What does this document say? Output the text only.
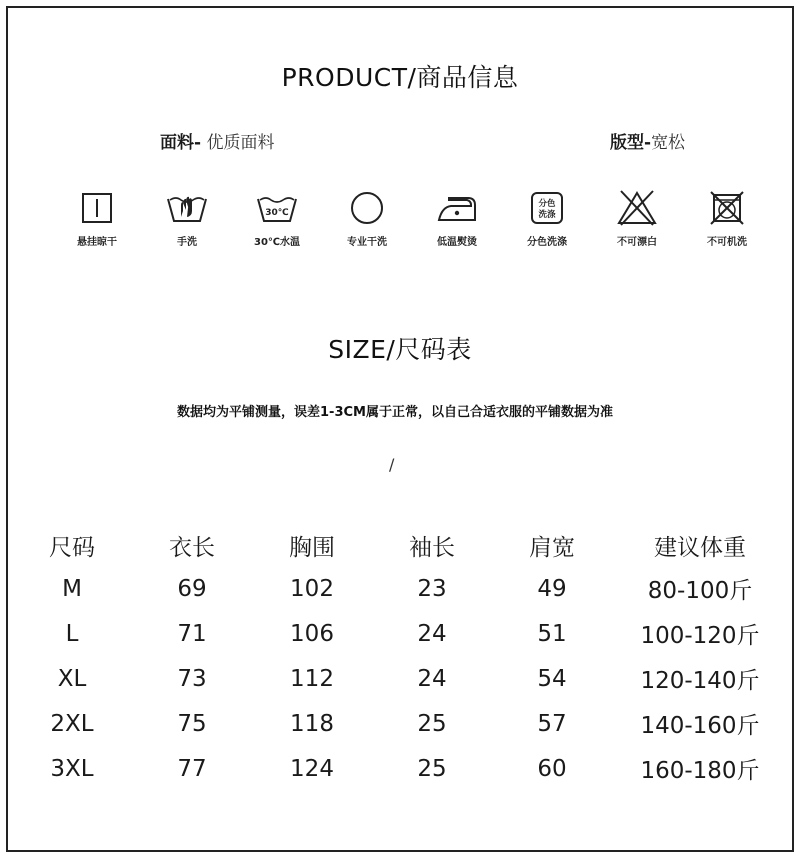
PRODUCT/商品信息
面料- 优质面料	版型-宽松
悬挂晾干	手洗
30℃
30℃水温	专业干洗	低温熨烫
分色
洗涤
分色洗涤	不可漂白	不可机洗
SIZE/尺码表
数据均为平铺测量，误差1-3CM属于正常，以自己合适衣服的平铺数据为准
/
尺码	衣长	胸围	袖长	肩宽	建议体重
M	69	102	23	49	80-100斤
L	71	106	24	51	100-120斤
XL	73	112	24	54	120-140斤
2XL	75	118	25	57	140-160斤
3XL	77	124	25	60	160-180斤
